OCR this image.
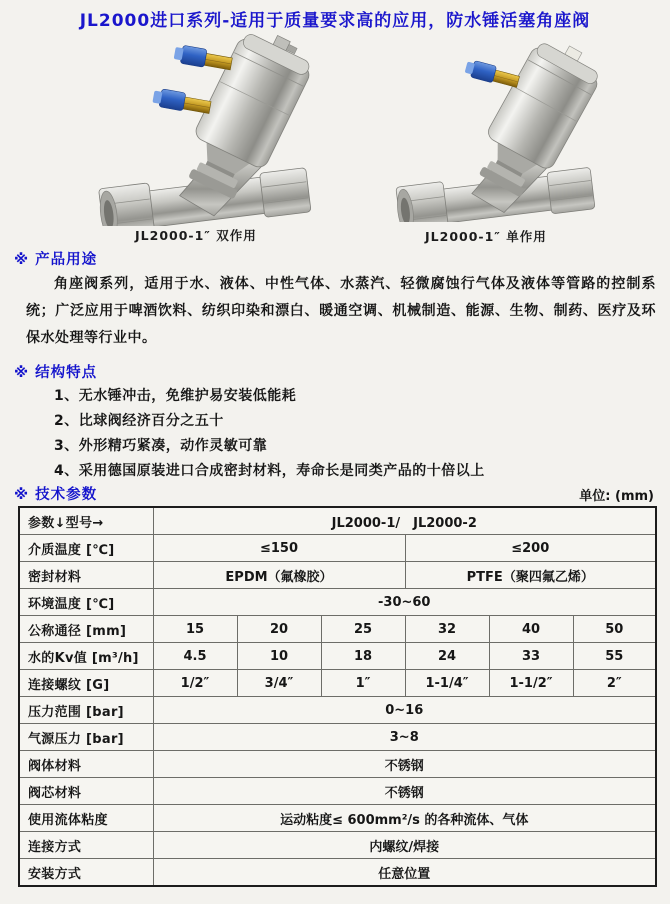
JL2000进口系列-适用于质量要求高的应用，防水锤活塞角座阀
JL2000-1″ 双作用	JL2000-1″ 单作用
※ 产品用途
角座阀系列，适用于水、液体、中性气体、水蒸汽、轻微腐蚀行气体及液体等管路的控制系统；广泛应用于啤酒饮料、纺织印染和漂白、暖通空调、机械制造、能源、生物、制药、医疗及环保水处理等行业中。
※ 结构特点
1、无水锤冲击，免维护易安装低能耗
2、比球阀经济百分之五十
3、外形精巧紧凑，动作灵敏可靠
4、采用德国原装进口合成密封材料，寿命长是同类产品的十倍以上
※ 技术参数	单位: (mm)
参数↓型号→	JL2000-1/　JL2000-2					
介质温度 [℃]	≤150			≤200		
密封材料	EPDM（氟橡胶）			PTFE（聚四氟乙烯）		
环境温度 [℃]	-30~60					
公称通径 [mm]	15	20	25	32	40	50
水的Kv值 [m³/h]	4.5	10	18	24	33	55
连接螺纹 [G]	1/2″	3/4″	1″	1-1/4″	1-1/2″	2″
压力范围 [bar]	0~16					
气源压力 [bar]	3~8					
阀体材料	不锈钢					
阀芯材料	不锈钢					
使用流体粘度	运动粘度≤ 600mm²/s 的各种流体、气体					
连接方式	内螺纹/焊接					
安装方式	任意位置					
